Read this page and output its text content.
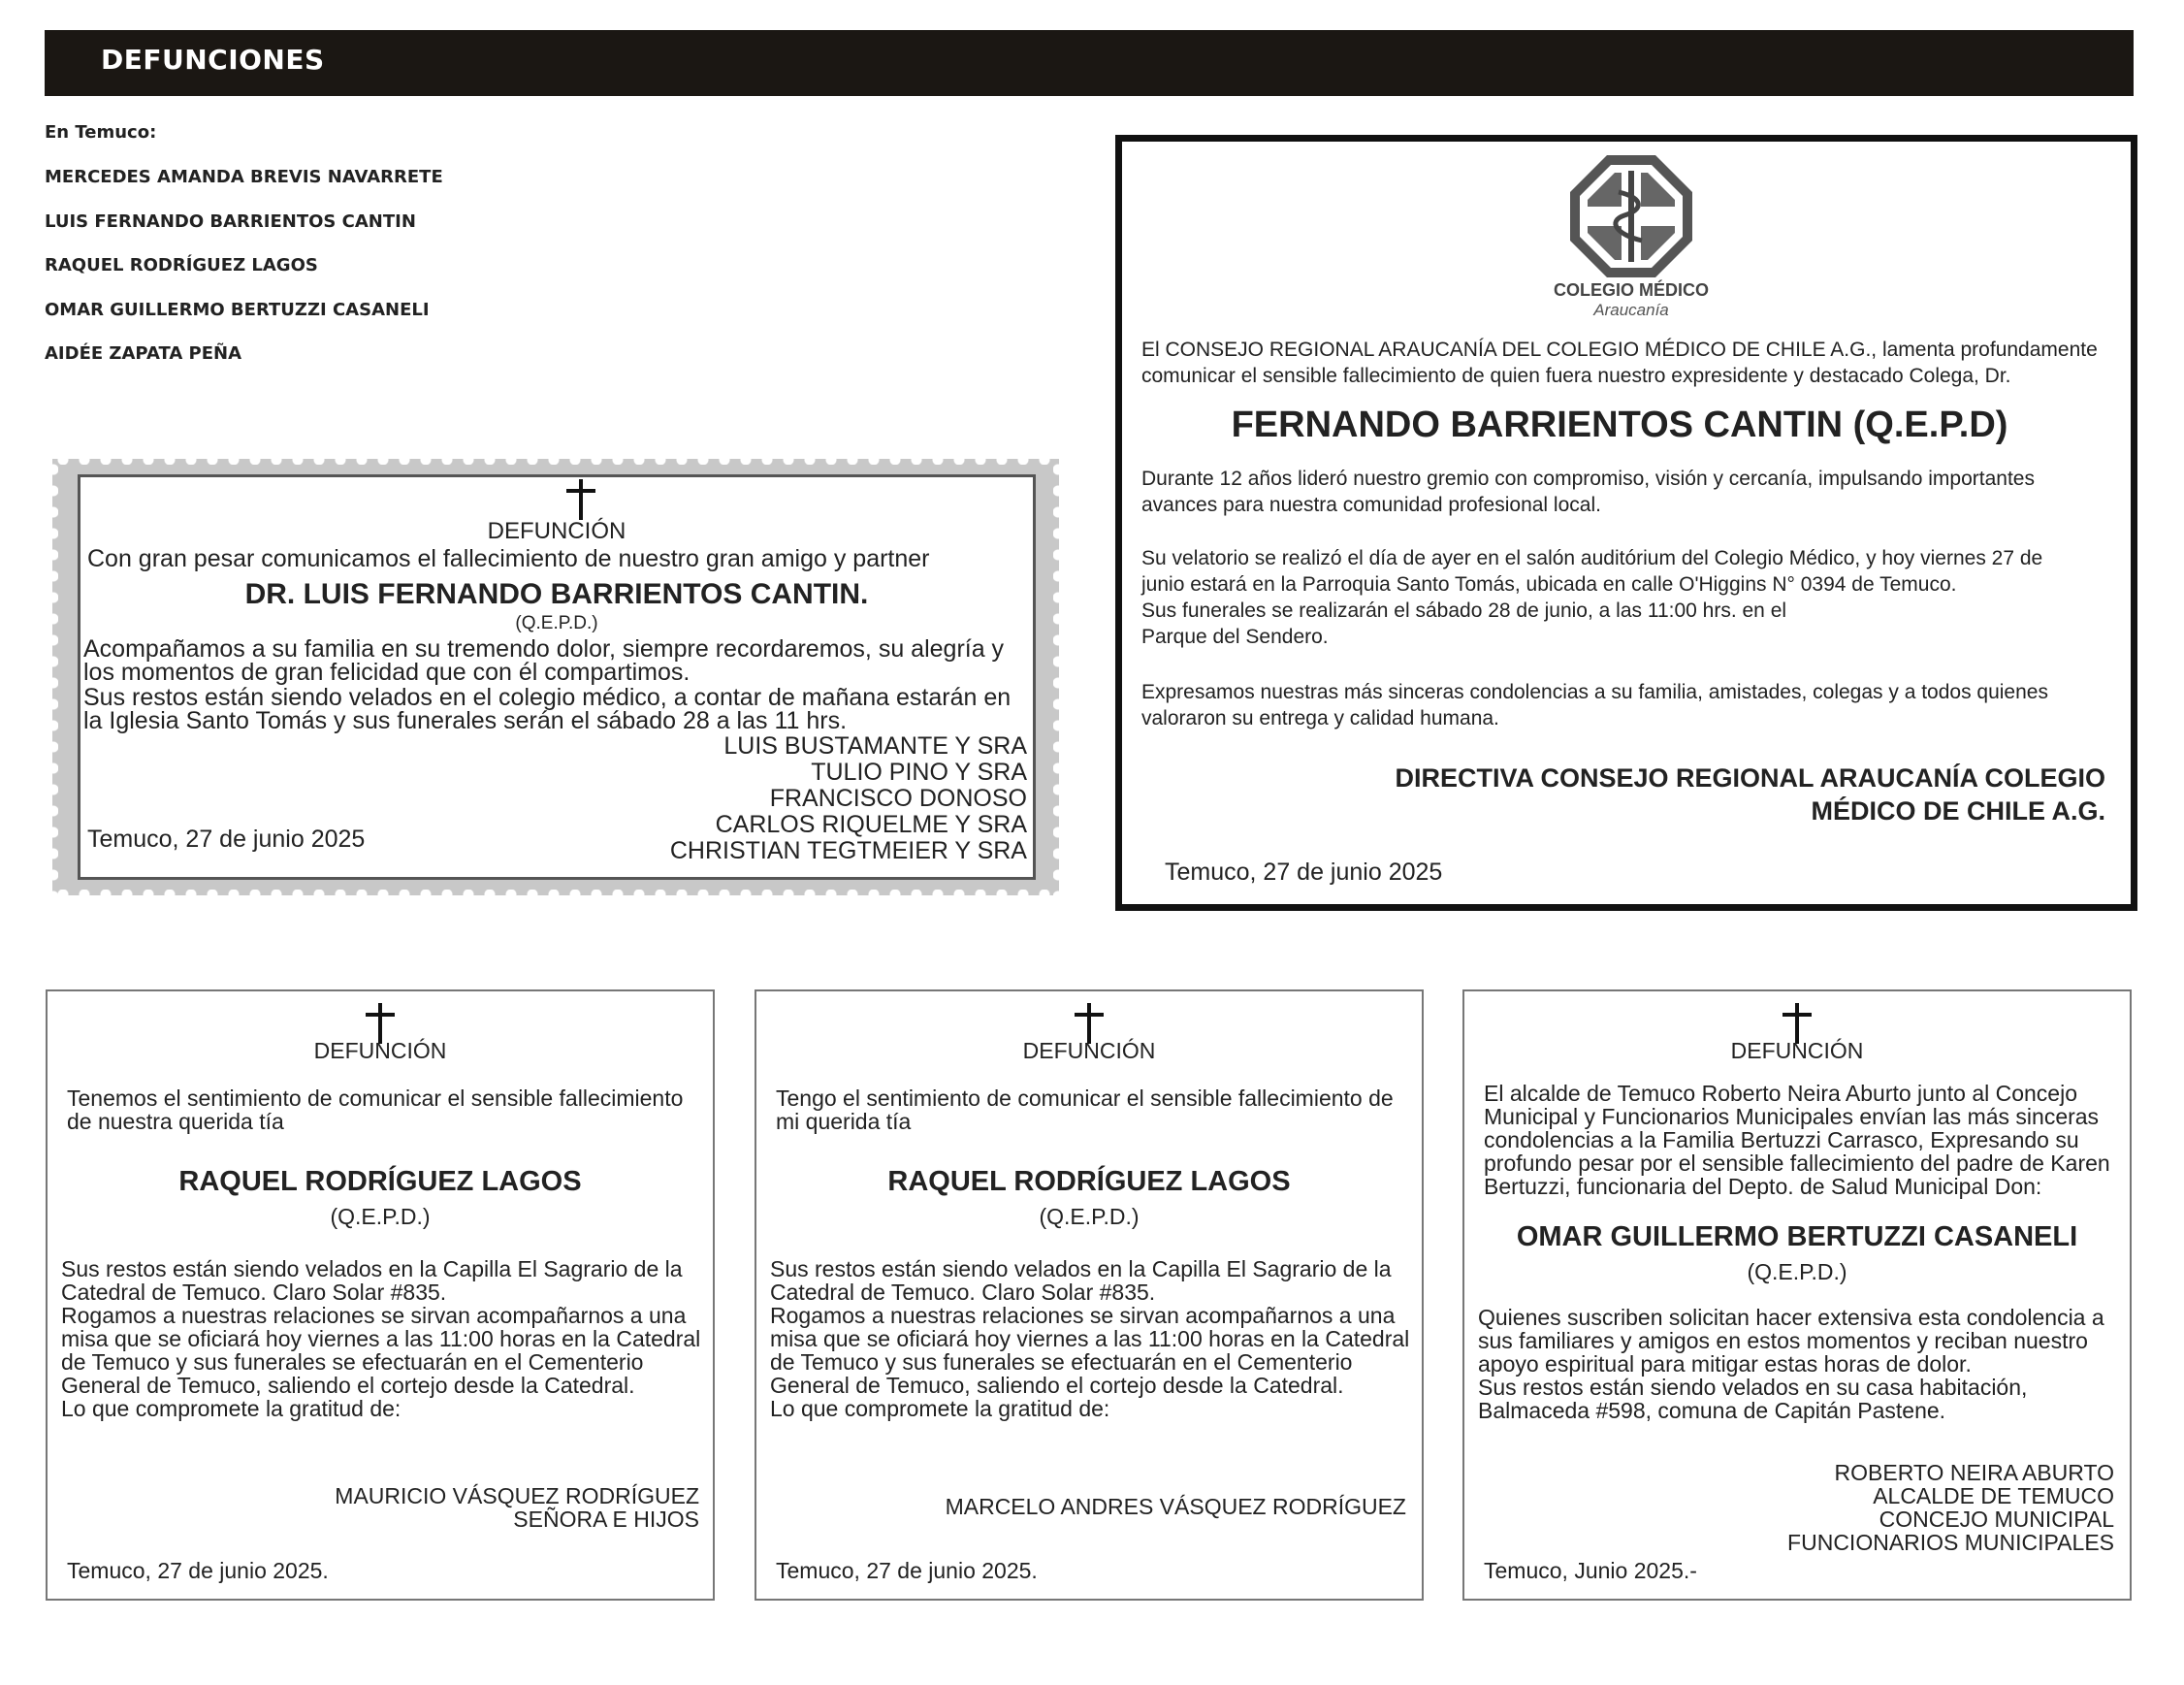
DEFUNCIONES
En Temuco:
MERCEDES AMANDA BREVIS NAVARRETE
LUIS FERNANDO BARRIENTOS CANTIN
RAQUEL RODRÍGUEZ LAGOS
OMAR GUILLERMO BERTUZZI CASANELI
AIDÉE ZAPATA PEÑA
DEFUNCIÓN
Con gran pesar comunicamos el fallecimiento de nuestro gran amigo y partner
DR. LUIS FERNANDO BARRIENTOS CANTIN.
(Q.E.P.D.)
Acompañamos a su familia en su tremendo dolor, siempre recordaremos, su alegría y
los momentos de gran felicidad que con él compartimos.
Sus restos están siendo velados en el colegio médico, a contar de mañana estarán en
la Iglesia Santo Tomás y sus funerales serán el sábado 28 a las 11 hrs.
LUIS BUSTAMANTE Y SRA
TULIO PINO Y SRA
FRANCISCO DONOSO
CARLOS RIQUELME Y SRA
CHRISTIAN TEGTMEIER Y SRA
Temuco, 27 de junio 2025
COLEGIO MÉDICO
Araucanía
El CONSEJO REGIONAL ARAUCANÍA DEL COLEGIO MÉDICO DE CHILE A.G., lamenta profundamente
comunicar el sensible fallecimiento de quien fuera nuestro expresidente y destacado Colega, Dr.
FERNANDO BARRIENTOS CANTIN (Q.E.P.D)
Durante 12 años lideró nuestro gremio con compromiso, visión y cercanía, impulsando importantes
avances para nuestra comunidad profesional local.
Su velatorio se realizó el día de ayer en el salón auditórium del Colegio Médico, y hoy viernes 27 de
junio estará en la Parroquia Santo Tomás, ubicada en calle O'Higgins N° 0394 de Temuco.
Sus funerales se realizarán el sábado 28 de junio, a las 11:00 hrs. en el
Parque del Sendero.
Expresamos nuestras más sinceras condolencias a su familia, amistades, colegas y a todos quienes
valoraron su entrega y calidad humana.
DIRECTIVA CONSEJO REGIONAL ARAUCANÍA COLEGIO
MÉDICO DE CHILE A.G.
Temuco, 27 de junio 2025
DEFUNCIÓN
Tenemos el sentimiento de comunicar el sensible fallecimiento
de nuestra querida tía
RAQUEL RODRÍGUEZ LAGOS
(Q.E.P.D.)
Sus restos están siendo velados en la Capilla El Sagrario de la
Catedral de Temuco. Claro Solar #835.
Rogamos a nuestras relaciones se sirvan acompañarnos a una
misa que se oficiará hoy viernes a las 11:00 horas en la Catedral
de Temuco y sus funerales se efectuarán en el Cementerio
General de Temuco, saliendo el cortejo desde la Catedral.
Lo que compromete la gratitud de:
MAURICIO VÁSQUEZ RODRÍGUEZ
SEÑORA E HIJOS
Temuco, 27 de junio 2025.
DEFUNCIÓN
Tengo el sentimiento de comunicar el sensible fallecimiento de
mi querida tía
RAQUEL RODRÍGUEZ LAGOS
(Q.E.P.D.)
Sus restos están siendo velados en la Capilla El Sagrario de la
Catedral de Temuco. Claro Solar #835.
Rogamos a nuestras relaciones se sirvan acompañarnos a una
misa que se oficiará hoy viernes a las 11:00 horas en la Catedral
de Temuco y sus funerales se efectuarán en el Cementerio
General de Temuco, saliendo el cortejo desde la Catedral.
Lo que compromete la gratitud de:
MARCELO ANDRES VÁSQUEZ RODRÍGUEZ
Temuco, 27 de junio 2025.
DEFUNCIÓN
El alcalde de Temuco Roberto Neira Aburto junto al Concejo
Municipal y Funcionarios Municipales envían las más sinceras
condolencias a la Familia Bertuzzi Carrasco, Expresando su
profundo pesar por el sensible fallecimiento del padre de Karen
Bertuzzi, funcionaria del Depto. de Salud Municipal Don:
OMAR GUILLERMO BERTUZZI CASANELI
(Q.E.P.D.)
Quienes suscriben solicitan hacer extensiva esta condolencia a
sus familiares y amigos en estos momentos y reciban nuestro
apoyo espiritual para mitigar estas horas de dolor.
Sus restos están siendo velados en su casa habitación,
Balmaceda #598, comuna de Capitán Pastene.
ROBERTO NEIRA ABURTO
ALCALDE DE TEMUCO
CONCEJO MUNICIPAL
FUNCIONARIOS MUNICIPALES
Temuco, Junio 2025.-
